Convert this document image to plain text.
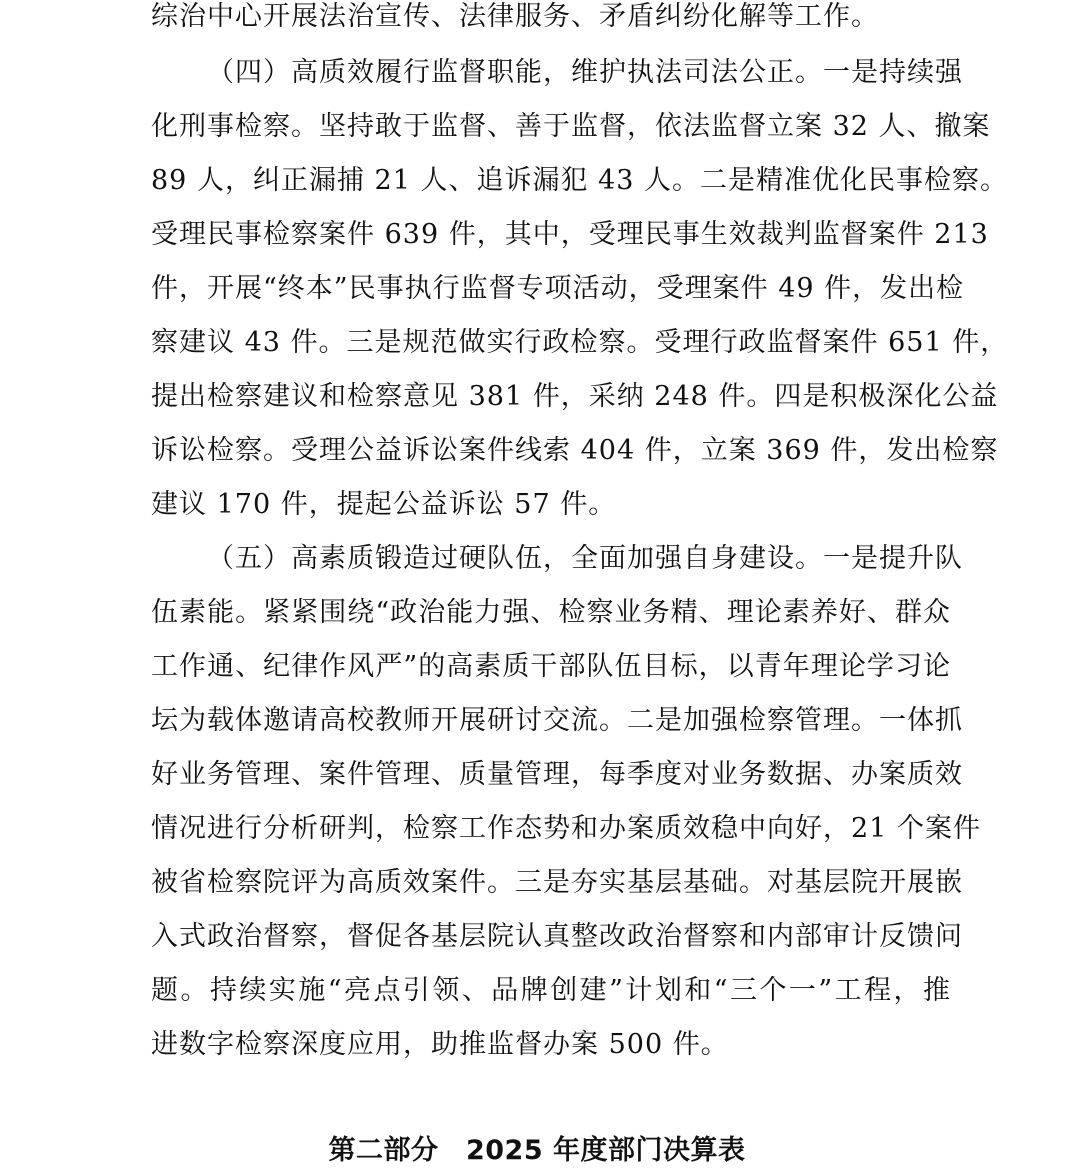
综治中心开展法治宣传、法律服务、矛盾纠纷化解等工作。
（四）高质效履行监督职能，维护执法司法公正。一是持续强
化刑事检察。坚持敢于监督、善于监督，依法监督立案 32 人、撤案
89 人，纠正漏捕 21 人、追诉漏犯 43 人。二是精准优化民事检察。
受理民事检察案件 639 件，其中，受理民事生效裁判监督案件 213
件，开展“终本”民事执行监督专项活动，受理案件 49 件，发出检
察建议 43 件。三是规范做实行政检察。受理行政监督案件 651 件，
提出检察建议和检察意见 381 件，采纳 248 件。四是积极深化公益
诉讼检察。受理公益诉讼案件线索 404 件，立案 369 件，发出检察
建议 170 件，提起公益诉讼 57 件。
（五）高素质锻造过硬队伍，全面加强自身建设。一是提升队
伍素能。紧紧围绕“政治能力强、检察业务精、理论素养好、群众
工作通、纪律作风严”的高素质干部队伍目标，以青年理论学习论
坛为载体邀请高校教师开展研讨交流。二是加强检察管理。一体抓
好业务管理、案件管理、质量管理，每季度对业务数据、办案质效
情况进行分析研判，检察工作态势和办案质效稳中向好，21 个案件
被省检察院评为高质效案件。三是夯实基层基础。对基层院开展嵌
入式政治督察，督促各基层院认真整改政治督察和内部审计反馈问
题。持续实施“亮点引领、品牌创建”计划和“三个一”工程，推
进数字检察深度应用，助推监督办案 500 件。
第二部分　2025 年度部门决算表
